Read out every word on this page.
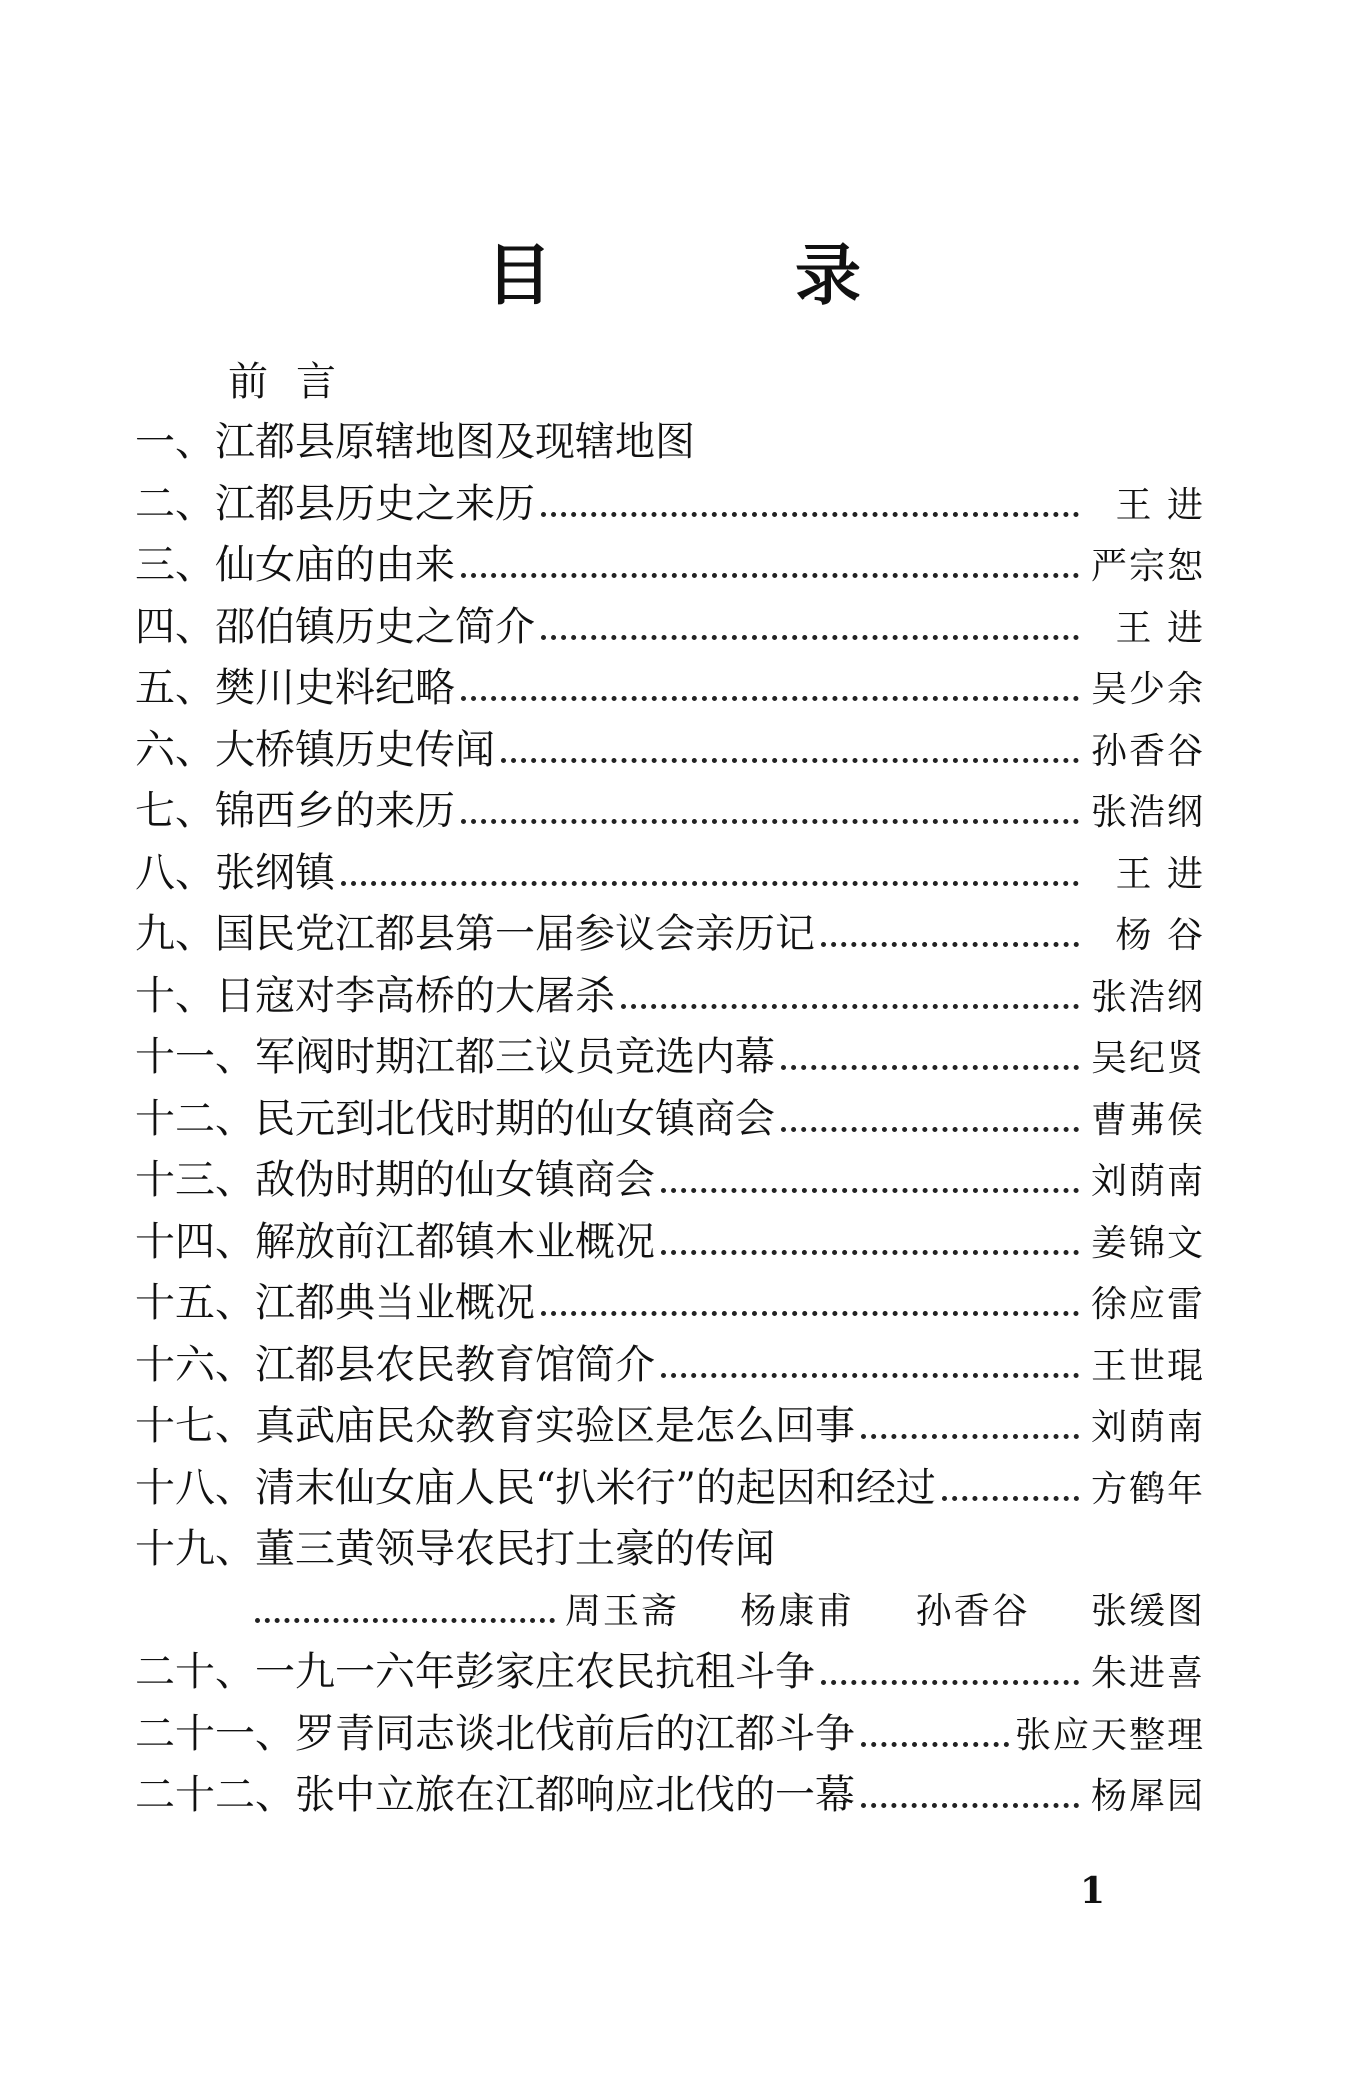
目 录
前言
一、 江都县原辖地图及现辖地图
二、 江都县历史之来历	王 进
三、 仙女庙的由来	严宗恕
四、 邵伯镇历史之简介	王 进
五、 樊川史料纪略	吴少余
六、 大桥镇历史传闻	孙香谷
七、 锦西乡的来历	张浩纲
八、 张纲镇	王 进
九、 国民党江都县第一届参议会亲历记	杨 谷
十、 日寇对李高桥的大屠杀	张浩纲
十一、 军阀时期江都三议员竞选内幕	吴纪贤
十二、 民元到北伐时期的仙女镇商会	曹茀侯
十三、 敌伪时期的仙女镇商会	刘荫南
十四、 解放前江都镇木业概况	姜锦文
十五、 江都典当业概况	徐应雷
十六、 江都县农民教育馆简介	王世琨
十七、 真武庙民众教育实验区是怎么回事	刘荫南
十八、 清末仙女庙人民“扒米行”的起因和经过	方鹤年
十九、 董三黄领导农民打土豪的传闻
周玉斋 杨康甫 孙香谷 张缓图
二十、 一九一六年彭家庄农民抗租斗争	朱进喜
二十一、 罗青同志谈北伐前后的江都斗争	张应天整理
二十二、 张中立旅在江都响应北伐的一幕	杨犀园
1
